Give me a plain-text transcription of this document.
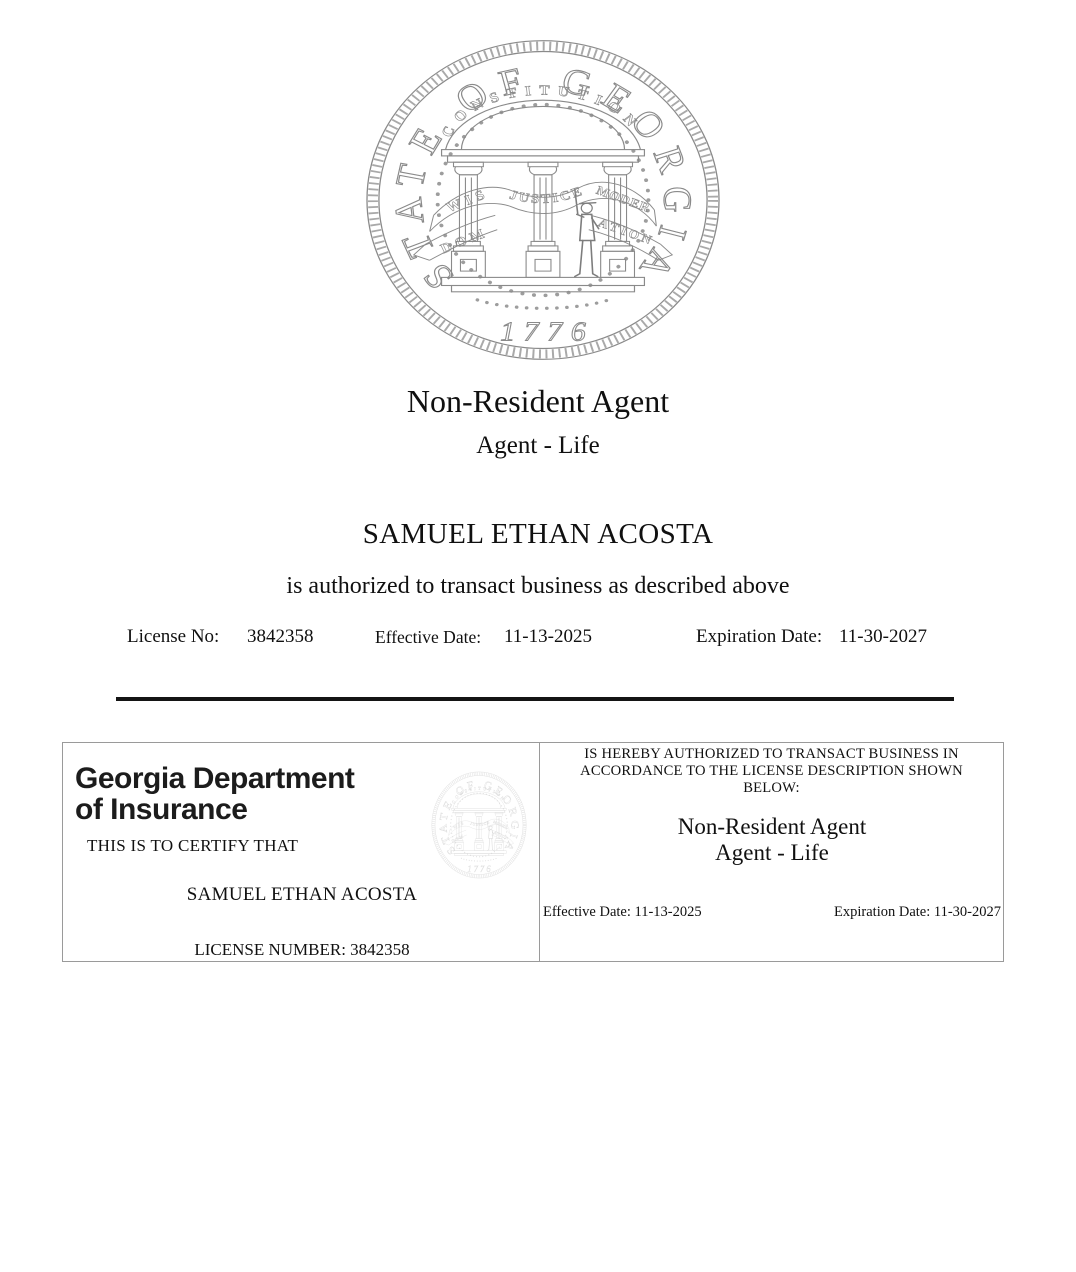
Non-Resident Agent
Agent - Life
SAMUEL ETHAN ACOSTA
is authorized to transact business as described above
License No: 3842358	Effective Date: 11-13-2025	Expiration Date: 11-30-2027
Georgia Department
of Insurance
THIS IS TO CERTIFY THAT
SAMUEL ETHAN ACOSTA
LICENSE NUMBER: 3842358
IS HEREBY AUTHORIZED TO TRANSACT BUSINESS IN
ACCORDANCE TO THE LICENSE DESCRIPTION SHOWN
BELOW:
Non-Resident Agent
Agent - Life
Effective Date: 11-13-2025	Expiration Date: 11-30-2027
